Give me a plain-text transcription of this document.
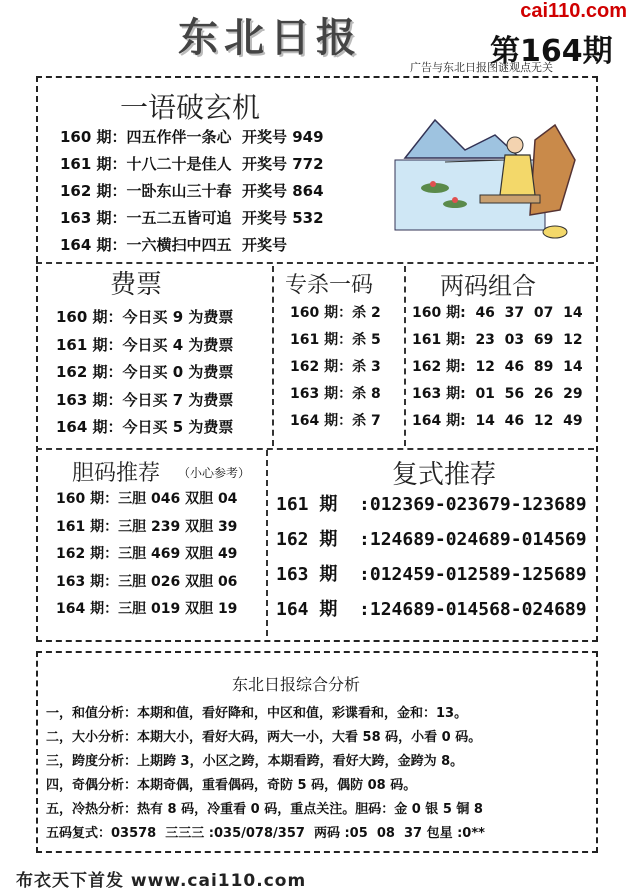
东北日报
cai110.com
第164期
广告与东北日报图谜观点无关
一语破玄机
160 期：四五作伴一条心  开奖号 949
161 期：十八二十是佳人  开奖号 772
162 期：一卧东山三十春  开奖号 864
163 期：一五二五皆可追  开奖号 532
164 期：一六横扫中四五  开奖号
费票
160 期：今日买 9 为费票
161 期：今日买 4 为费票
162 期：今日买 0 为费票
163 期：今日买 7 为费票
164 期：今日买 5 为费票
专杀一码
160 期：杀 2
161 期：杀 5
162 期：杀 3
163 期：杀 8
164 期：杀 7
两码组合
160 期:  46  37  07  14
161 期:  23  03  69  12
162 期:  12  46  89  14
163 期:  01  56  26  29
164 期:  14  46  12  49
胆码推荐 （小心参考）
160 期：三胆 046 双胆 04
161 期：三胆 239 双胆 39
162 期：三胆 469 双胆 49
163 期：三胆 026 双胆 06
164 期：三胆 019 双胆 19
复式推荐
161 期  :012369-023679-123689
162 期  :124689-024689-014569
163 期  :012459-012589-125689
164 期  :124689-014568-024689
东北日报综合分析
一，和值分析：本期和值，看好降和，中区和值，彩谍看和，金和：13。
二，大小分析：本期大小，看好大码，两大一小，大看 58 码，小看 0 码。
三，跨度分析：上期跨 3，小区之跨，本期看跨，看好大跨，金跨为 8。
四，奇偶分析：本期奇偶，重看偶码，奇防 5 码，偶防 08 码。
五，冷热分析：热有 8 码，冷重看 0 码，重点关注。胆码：金 0 银 5 铜 8
五码复式：03578  三三三 :035/078/357  两码 :05  08  37 包星 :0**
布衣天下首发 www.cai110.com
